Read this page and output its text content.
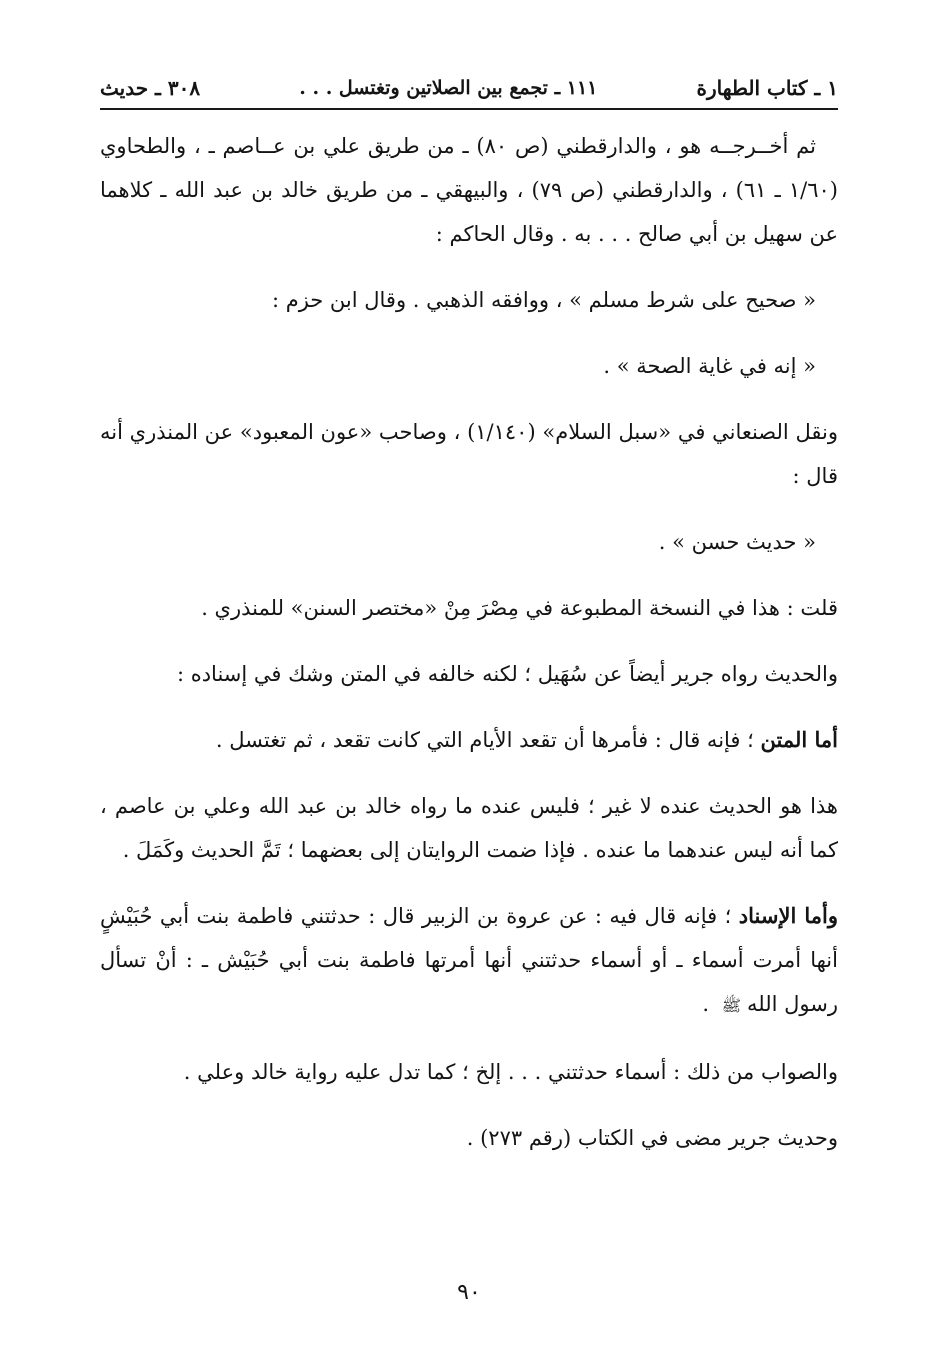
١ ـ كتاب الطهارة
١١١ ـ تجمع بين الصلاتين وتغتسل . . .
٣٠٨ ـ حديث

ثم أخــرجــه هو ، والدارقطني (ص ٨٠) ـ من طريق علي بن عــاصم ـ ، والطحاوي (١/٦٠ ـ ٦١) ، والدارقطني (ص ٧٩) ، والبيهقي ـ من طريق خالد بن عبد الله ـ كلاهما عن سهيل بن أبي صالح . . . به . وقال الحاكم :

« صحيح على شرط مسلم » ، ووافقه الذهبي . وقال ابن حزم :

« إنه في غاية الصحة » .

ونقل الصنعاني في «سبل السلام» (١/١٤٠) ، وصاحب «عون المعبود» عن المنذري أنه قال :

« حديث حسن » .

قلت : هذا في النسخة المطبوعة في مِصْرَ مِنْ «مختصر السنن» للمنذري .

والحديث رواه جرير أيضاً عن سُهَيل ؛ لكنه خالفه في المتن وشك في إسناده :

أما المتن ؛ فإنه قال : فأمرها أن تقعد الأيام التي كانت تقعد ، ثم تغتسل .

هذا هو الحديث عنده لا غير ؛ فليس عنده ما رواه خالد بن عبد الله وعلي بن عاصم ، كما أنه ليس عندهما ما عنده . فإذا ضمت الروايتان إلى بعضهما ؛ تَمَّ الحديث وكَمَلَ .

وأما الإسناد ؛ فإنه قال فيه : عن عروة بن الزبير قال : حدثتني فاطمة بنت أبي حُبَيْشٍ أنها أمرت أسماء ـ أو أسماء حدثتني أنها أمرتها فاطمة بنت أبي حُبَيْش ـ : أنْ تسأل رسول اللهﷺ .

والصواب من ذلك : أسماء حدثتني . . . إلخ ؛ كما تدل عليه رواية خالد وعلي .

وحديث جرير مضى في الكتاب (رقم ٢٧٣) .

٩٠
